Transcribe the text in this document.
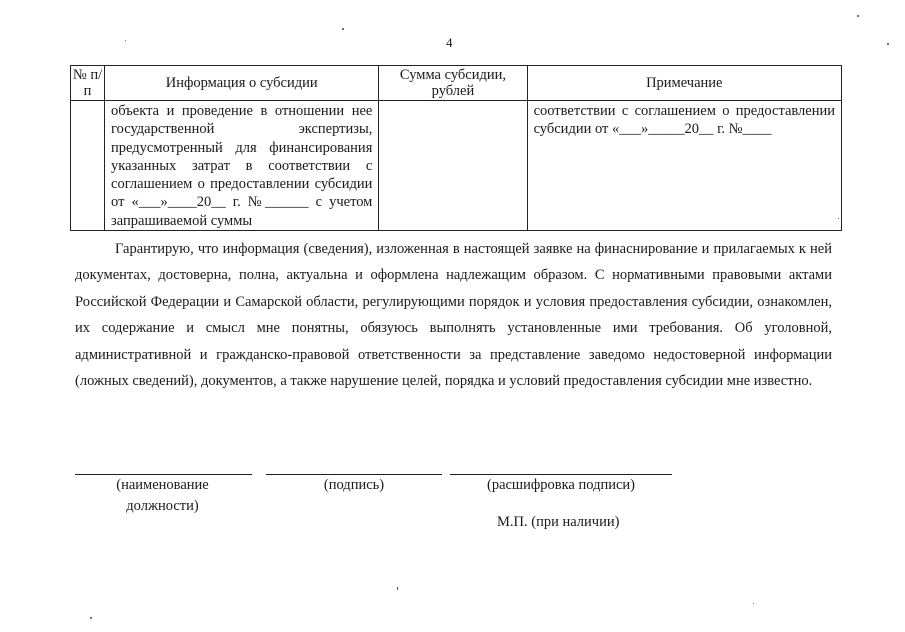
4
№ п/п	Информация о субсидии	Сумма субсидии, рублей	Примечание

	объекта и проведение в отношении нее государственной экспертизы, предусмотренный для финансирования указанных затрат в соответствии с соглашением о предоставлении субсидии от «___»____20__ г. №______ с учетом запрашиваемой суммы		соответствии с соглашением о предоставлении субсидии от «___»_____20__ г. №____

Гарантирую, что информация (сведения), изложенная в настоящей заявке на финаснирование и прилагаемых к ней документах, достоверна, полна, актуальна и оформлена надлежащим образом. С нормативными правовыми актами Российской Федерации и Самарской области, регулирующими порядок и условия предоставления субсидии, ознакомлен, их содержание и смысл мне понятны, обязуюсь выполнять установленные ими требования. Об уголовной, административной и гражданско-правовой ответственности за представление заведомо недостоверной информации (ложных сведений), документов, а также нарушение целей, порядка и условий предоставления субсидии мне известно.

(наименование должности)
(подпись)	(расшифровка подписи)
М.П. (при наличии)
